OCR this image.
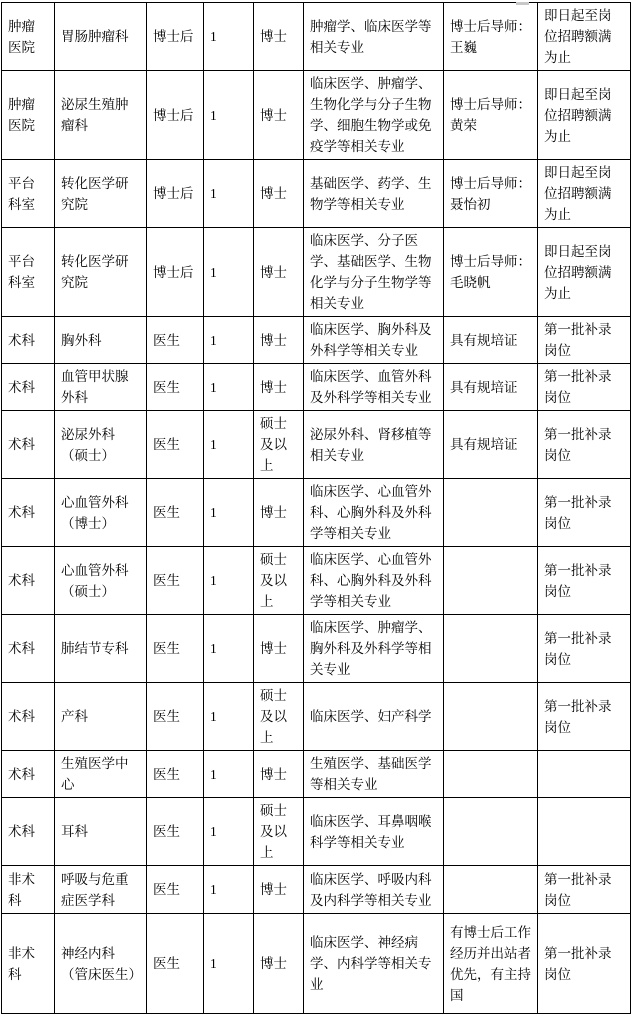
肿瘤医院	胃肠肿瘤科	博士后	1	博士	肿瘤学、临床医学等相关专业	博士后导师：王巍	即日起至岗位招聘额满为止
肿瘤医院	泌尿生殖肿瘤科	博士后	1	博士	临床医学、肿瘤学、生物化学与分子生物学、细胞生物学或免疫学等相关专业	博士后导师：黄荣	即日起至岗位招聘额满为止
平台科室	转化医学研究院	博士后	1	博士	基础医学、药学、生物学等相关专业	博士后导师：聂怡初	即日起至岗位招聘额满为止
平台科室	转化医学研究院	博士后	1	博士	临床医学、分子医学、基础医学、生物化学与分子生物学等相关专业	博士后导师：毛晓帆	即日起至岗位招聘额满为止
术科	胸外科	医生	1	博士	临床医学、胸外科及外科学等相关专业	具有规培证	第一批补录岗位
术科	血管甲状腺外科	医生	1	博士	临床医学、血管外科及外科学等相关专业	具有规培证	第一批补录岗位
术科	泌尿外科（硕士）	医生	1	硕士及以上	泌尿外科、肾移植等相关专业	具有规培证	第一批补录岗位
术科	心血管外科（博士）	医生	1	博士	临床医学、心血管外科、心胸外科及外科学等相关专业		第一批补录岗位
术科	心血管外科（硕士）	医生	1	硕士及以上	临床医学、心血管外科、心胸外科及外科学等相关专业		第一批补录岗位
术科	肺结节专科	医生	1	博士	临床医学、肿瘤学、胸外科及外科学等相关专业		第一批补录岗位
术科	产科	医生	1	硕士及以上	临床医学、妇产科学		第一批补录岗位
术科	生殖医学中心	医生	1	博士	生殖医学、基础医学等相关专业		
术科	耳科	医生	1	硕士及以上	临床医学、耳鼻咽喉科学等相关专业		
非术科	呼吸与危重症医学科	医生	1	博士	临床医学、呼吸内科及内科学等相关专业		第一批补录岗位
非术科	神经内科（管床医生）	医生	1	博士	临床医学、神经病学、内科学等相关专业	有博士后工作经历并出站者优先，有主持国	第一批补录岗位
